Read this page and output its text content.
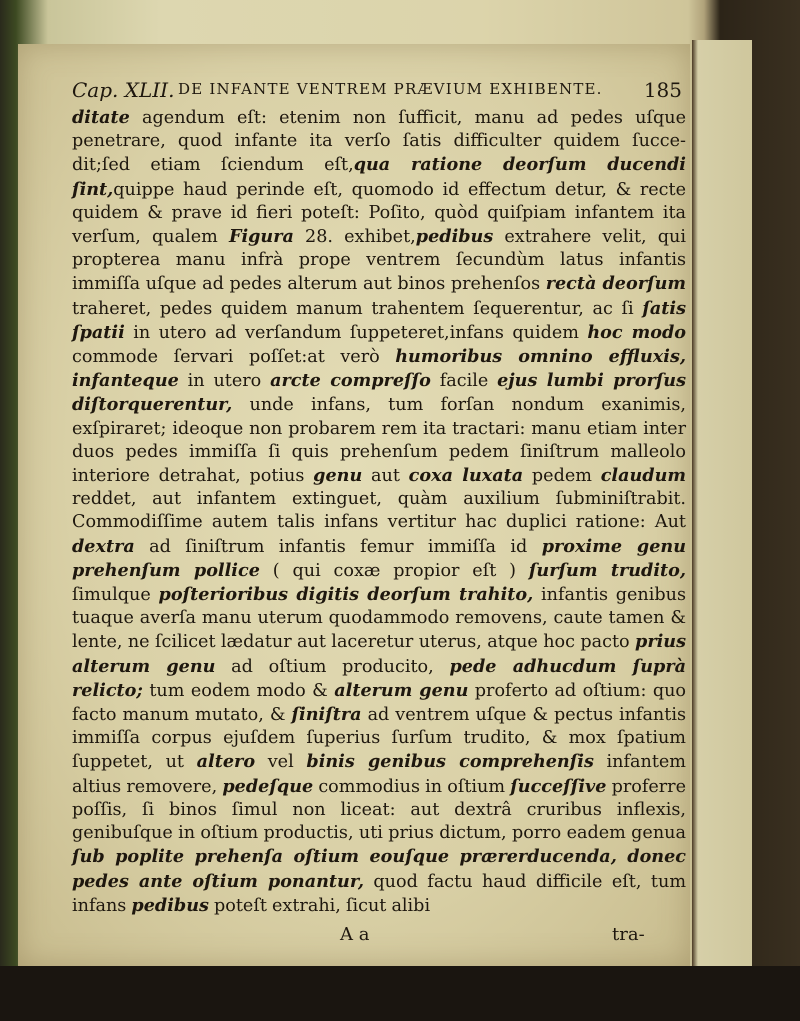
Cap. XLII. DE INFANTE VENTREM PRÆVIUM EXHIBENTE. 185
ditate agendum eſt: etenim non ſufficit, manu ad pedes uſque penetrare, quod infante ita verſo ſatis difficulter quidem ſucce-dit;ſed etiam ſciendum eſt,qua ratione deorſum ducendi ſint,quippe haud perinde eſt, quomodo id effectum detur, & recte quidem & prave id fieri poteſt: Poſito, quòd quiſpiam infantem ita verſum, qualem Figura 28. exhibet,pedibus extrahere velit, qui propterea manu infrà prope ventrem ſecundùm latus infantis immiſſa uſque ad pedes alterum aut binos prehenſos rectà deorſum traheret, pedes quidem manum trahentem ſequerentur, ac ſi ſatis ſpatii in utero ad verſandum ſuppeteret,infans quidem hoc modo commode ſervari poſſet:at verò humoribus omnino effluxis, infanteque in utero arcte compreſſo facile ejus lumbi prorſus diſtorquerentur, unde infans, tum forſan nondum exanimis, exſpiraret; ideoque non probarem rem ita tractari: manu etiam inter duos pedes immiſſa ſi quis prehenſum pedem ſiniſtrum malleolo interiore detrahat, potius genu aut coxa luxata pedem claudum reddet, aut infantem extinguet, quàm auxilium ſubminiſtrabit. Commodiſſime autem talis infans vertitur hac duplici ratione: Aut dextra ad ſiniſtrum infantis femur immiſſa id proxime genu prehenſum pollice ( qui coxæ propior eſt ) ſurſum trudito, ſimulque poſterioribus digitis deorſum trahito, infantis genibus tuaque averſa manu uterum quodammodo removens, caute tamen & lente, ne ſcilicet lædatur aut laceretur uterus, atque hoc pacto prius alterum genu ad oſtium producito, pede adhucdum ſuprà relicto; tum eodem modo & alterum genu proferto ad oſtium: quo facto manum mutato, & ſiniſtra ad ventrem uſque & pectus infantis immiſſa corpus ejuſdem ſuperius ſurſum trudito, & mox ſpatium ſuppetet, ut altero vel binis genibus comprehenſis infantem altius removere, pedeſque commodius in oſtium ſucceſſive proferre poſſis, ſi binos ſimul non liceat: aut dextrâ cruribus inflexis, genibuſque in oſtium productis, uti prius dictum, porro eadem genua ſub poplite prehenſa oſtium eouſque prærerducenda, donec pedes ante oſtium ponantur, quod factu haud difficile eſt, tum infans pedibus poteſt extrahi, ſicut alibi
A a	tra-
